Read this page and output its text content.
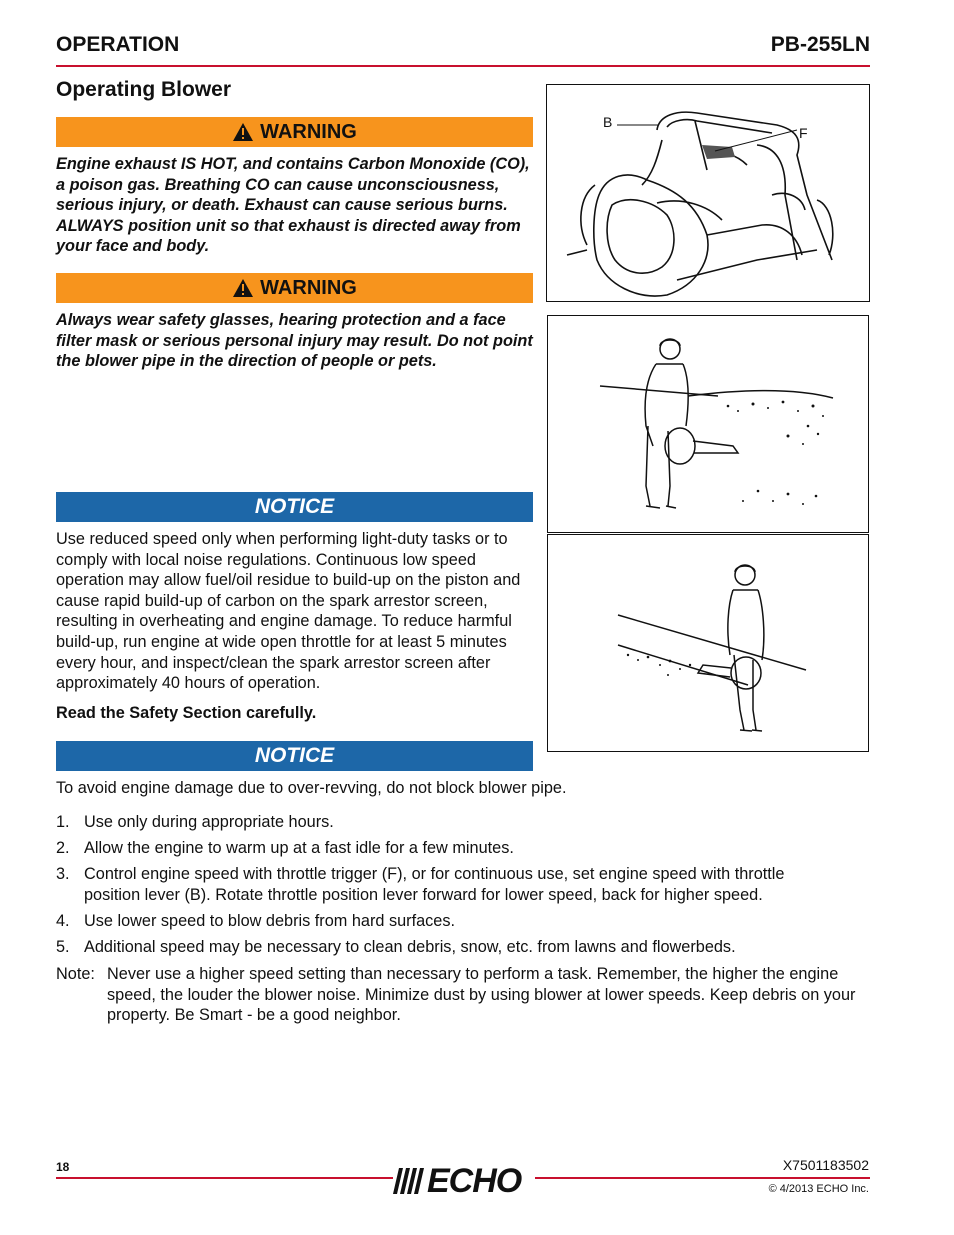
OPERATION	PB-255LN
Operating Blower
WARNING
Engine exhaust IS HOT, and contains Carbon Monoxide (CO), a poison gas. Breathing CO can cause unconsciousness, serious injury, or death. Exhaust can cause serious burns. ALWAYS position unit so that exhaust is directed away from your face and body.
WARNING
Always wear safety glasses, hearing protection and a face filter mask or serious personal injury may result. Do not point the blower pipe in the direction of people or pets.
NOTICE
Use reduced speed only when performing light-duty tasks or to comply with local noise regulations. Continuous low speed operation may allow fuel/oil residue to build-up on the piston and cause rapid build-up of carbon on the spark arrestor screen, resulting in overheating and engine damage. To reduce harmful build-up, run engine at wide open throttle for at least 5 minutes every hour, and inspect/clean the spark arrestor screen after approximately 40 hours of operation.
Read the Safety Section carefully.
NOTICE
To avoid engine damage due to over-revving, do not block blower pipe.
B
F
1. Use only during appropriate hours.
2. Allow the engine to warm up at a fast idle for a few minutes.
3. Control engine speed with throttle trigger (F), or for continuous use, set engine speed with throttle position lever (B). Rotate throttle position lever forward for lower speed, back for higher speed.
4. Use lower speed to blow debris from hard surfaces.
5. Additional speed may be necessary to clean debris, snow, etc. from lawns and flowerbeds.
Note: Never use a higher speed setting than necessary to perform a task. Remember, the higher the engine speed, the louder the blower noise. Minimize dust by using blower at lower speeds. Keep debris on your property. Be Smart - be a good neighbor.
18	X7501183502
© 4/2013 ECHO Inc.
ECHO
